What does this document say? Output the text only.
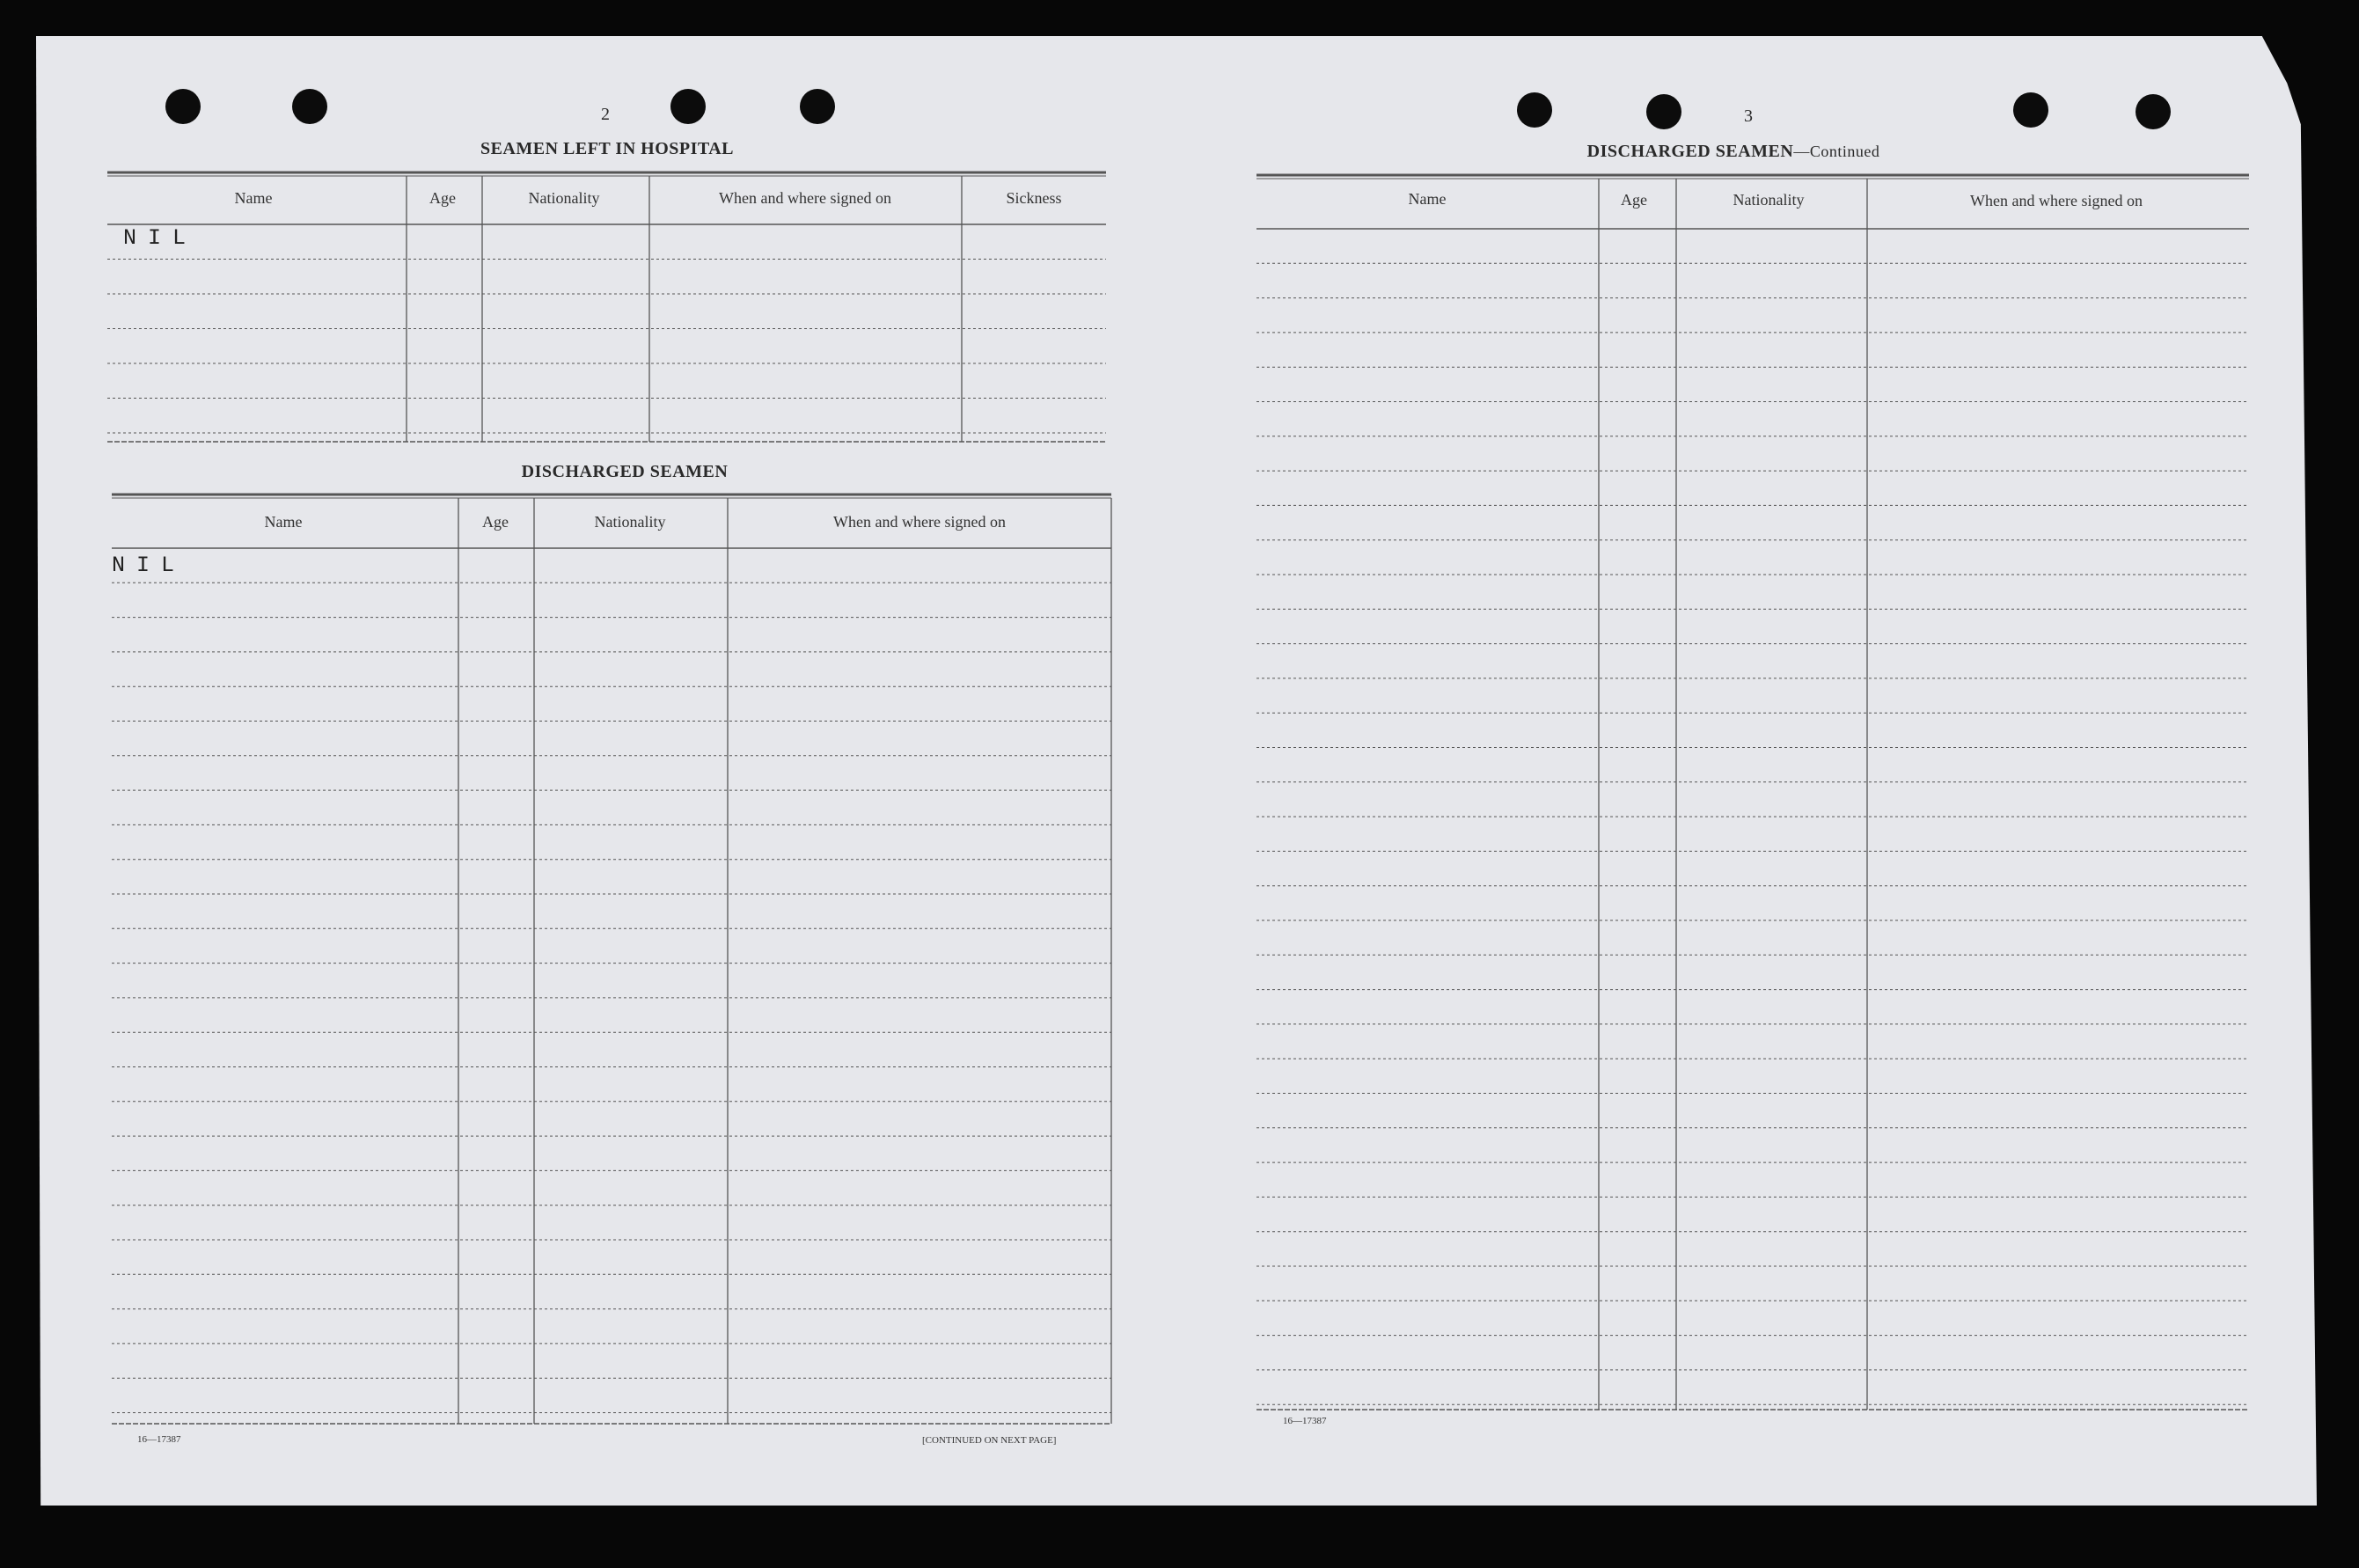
2
SEAMEN LEFT IN HOSPITAL
DISCHARGED SEAMEN
NIL
NIL
16—17387	[CONTINUED ON NEXT PAGE]
3
DISCHARGED SEAMEN—Continued
16—17387
Name	Age	Nationality	When and where signed on	Sickness
Name	Age	Nationality	When and where signed on
Name	Age	Nationality	When and where signed on
